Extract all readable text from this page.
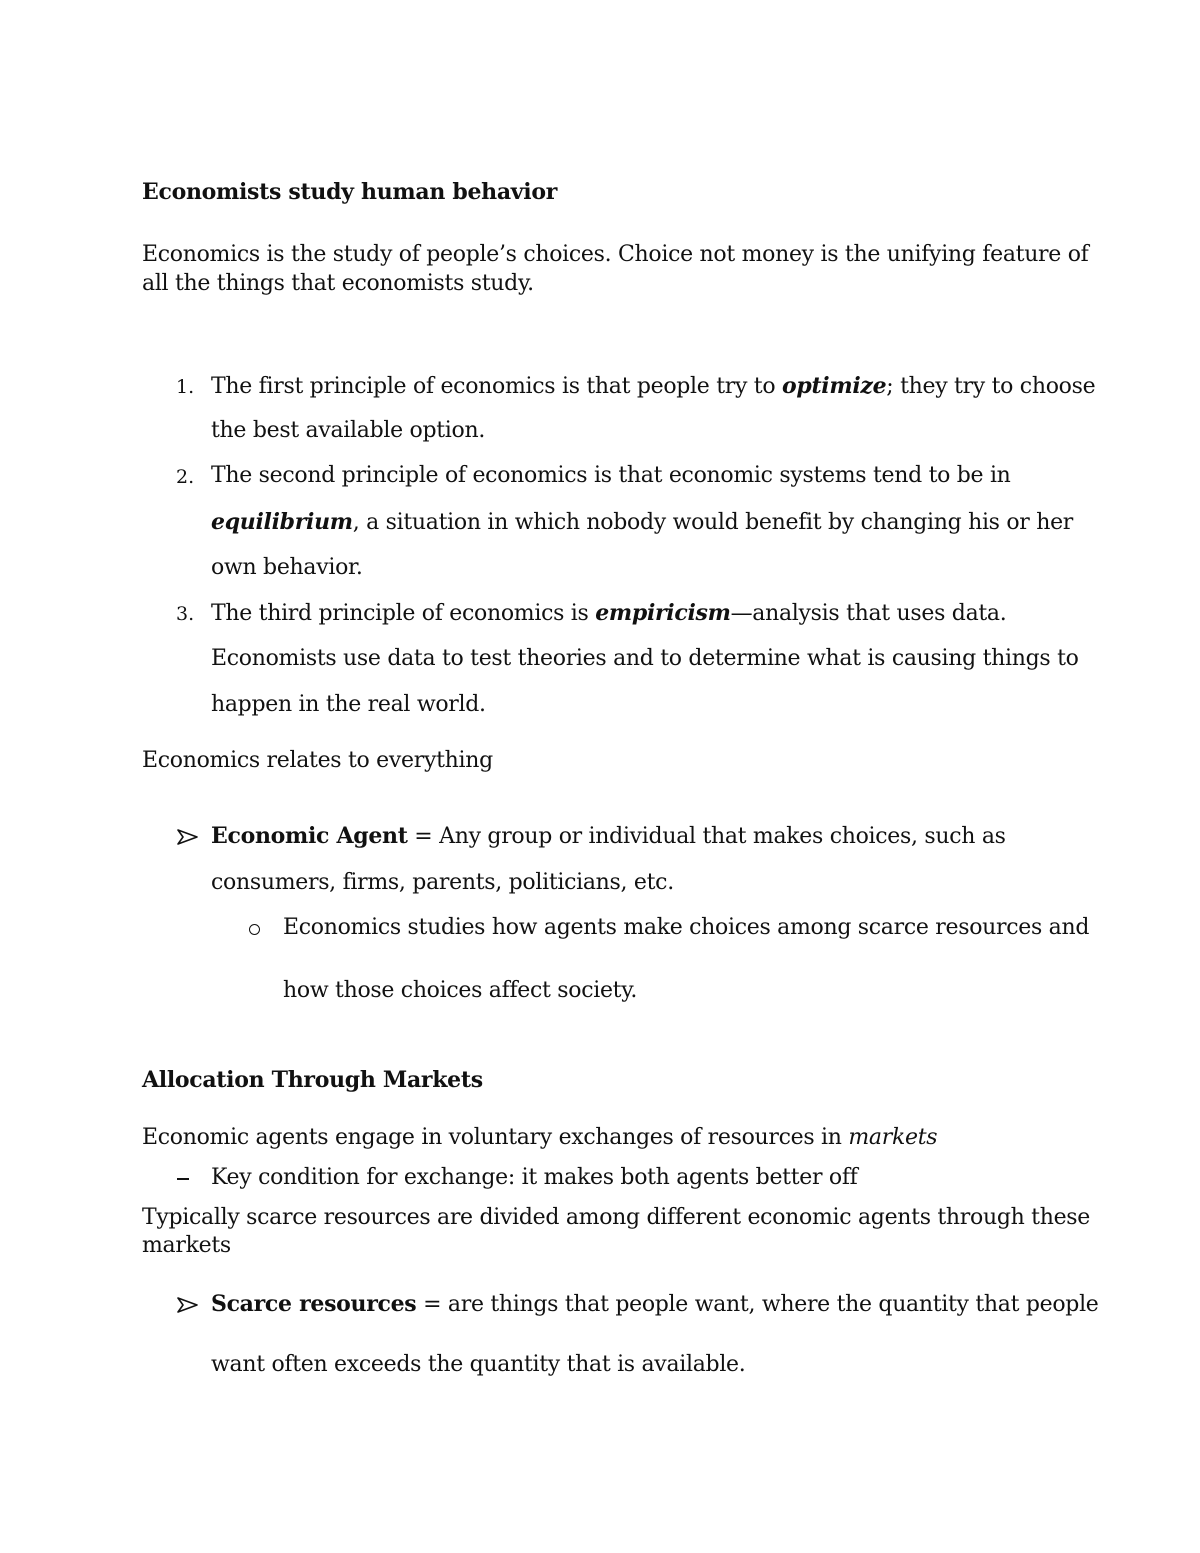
Economists study human behavior
Economics is the study of people’s choices. Choice not money is the unifying feature of
all the things that economists study.
1. The first principle of economics is that people try to optimize; they try to choose
the best available option.
2. The second principle of economics is that economic systems tend to be in
equilibrium, a situation in which nobody would benefit by changing his or her
own behavior.
3. The third principle of economics is empiricism—analysis that uses data.
Economists use data to test theories and to determine what is causing things to
happen in the real world.
Economics relates to everything
Economic Agent = Any group or individual that makes choices, such as
consumers, firms, parents, politicians, etc.
Economics studies how agents make choices among scarce resources and
how those choices affect society.
Allocation Through Markets
Economic agents engage in voluntary exchanges of resources in markets
Key condition for exchange: it makes both agents better off
Typically scarce resources are divided among different economic agents through these
markets
Scarce resources = are things that people want, where the quantity that people
want often exceeds the quantity that is available.
